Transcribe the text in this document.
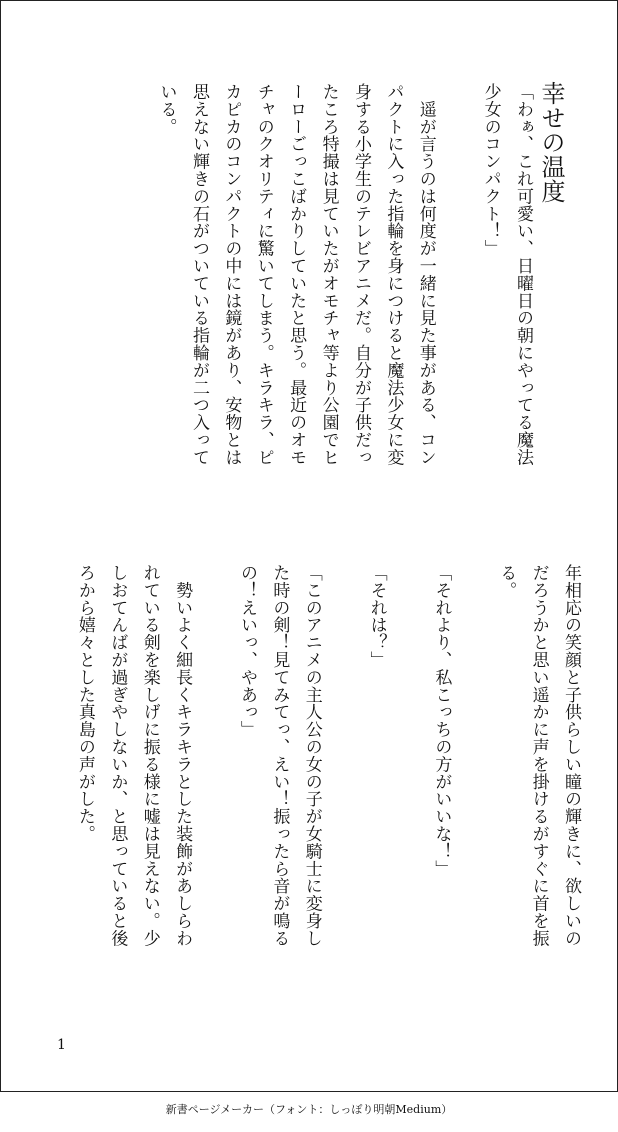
幸せの温度

「わぁ、これ可愛い、日曜日の朝にやってる魔法

少女のコンパクト！」

　遥が言うのは何度が一緒に見た事がある、コン

パクトに入った指輪を身につけると魔法少女に変

身する小学生のテレビアニメだ。自分が子供だっ

たころ特撮は見ていたがオモチャ等より公園でヒ

ーローごっこばかりしていたと思う。最近のオモ

チャのクオリティに驚いてしまう。キラキラ、ピ

カピカのコンパクトの中には鏡があり、安物とは

思えない輝きの石がついている指輪が二つ入って

いる。

年相応の笑顔と子供らしい瞳の輝きに、欲しいの

だろうかと思い遥かに声を掛けるがすぐに首を振

る。

「それより、私こっちの方がいいな！」

「それは？」

「このアニメの主人公の女の子が女騎士に変身し

た時の剣！見てみてっ、えい！振ったら音が鳴る

の！えいっ、やあっ」

　勢いよく細長くキラキラとした装飾があしらわ

れている剣を楽しげに振る様に嘘は見えない。少

しおてんばが過ぎやしないか、と思っていると後

ろから嬉々とした真島の声がした。

1
新書ページメーカー（フォント：しっぽり明朝Medium）
